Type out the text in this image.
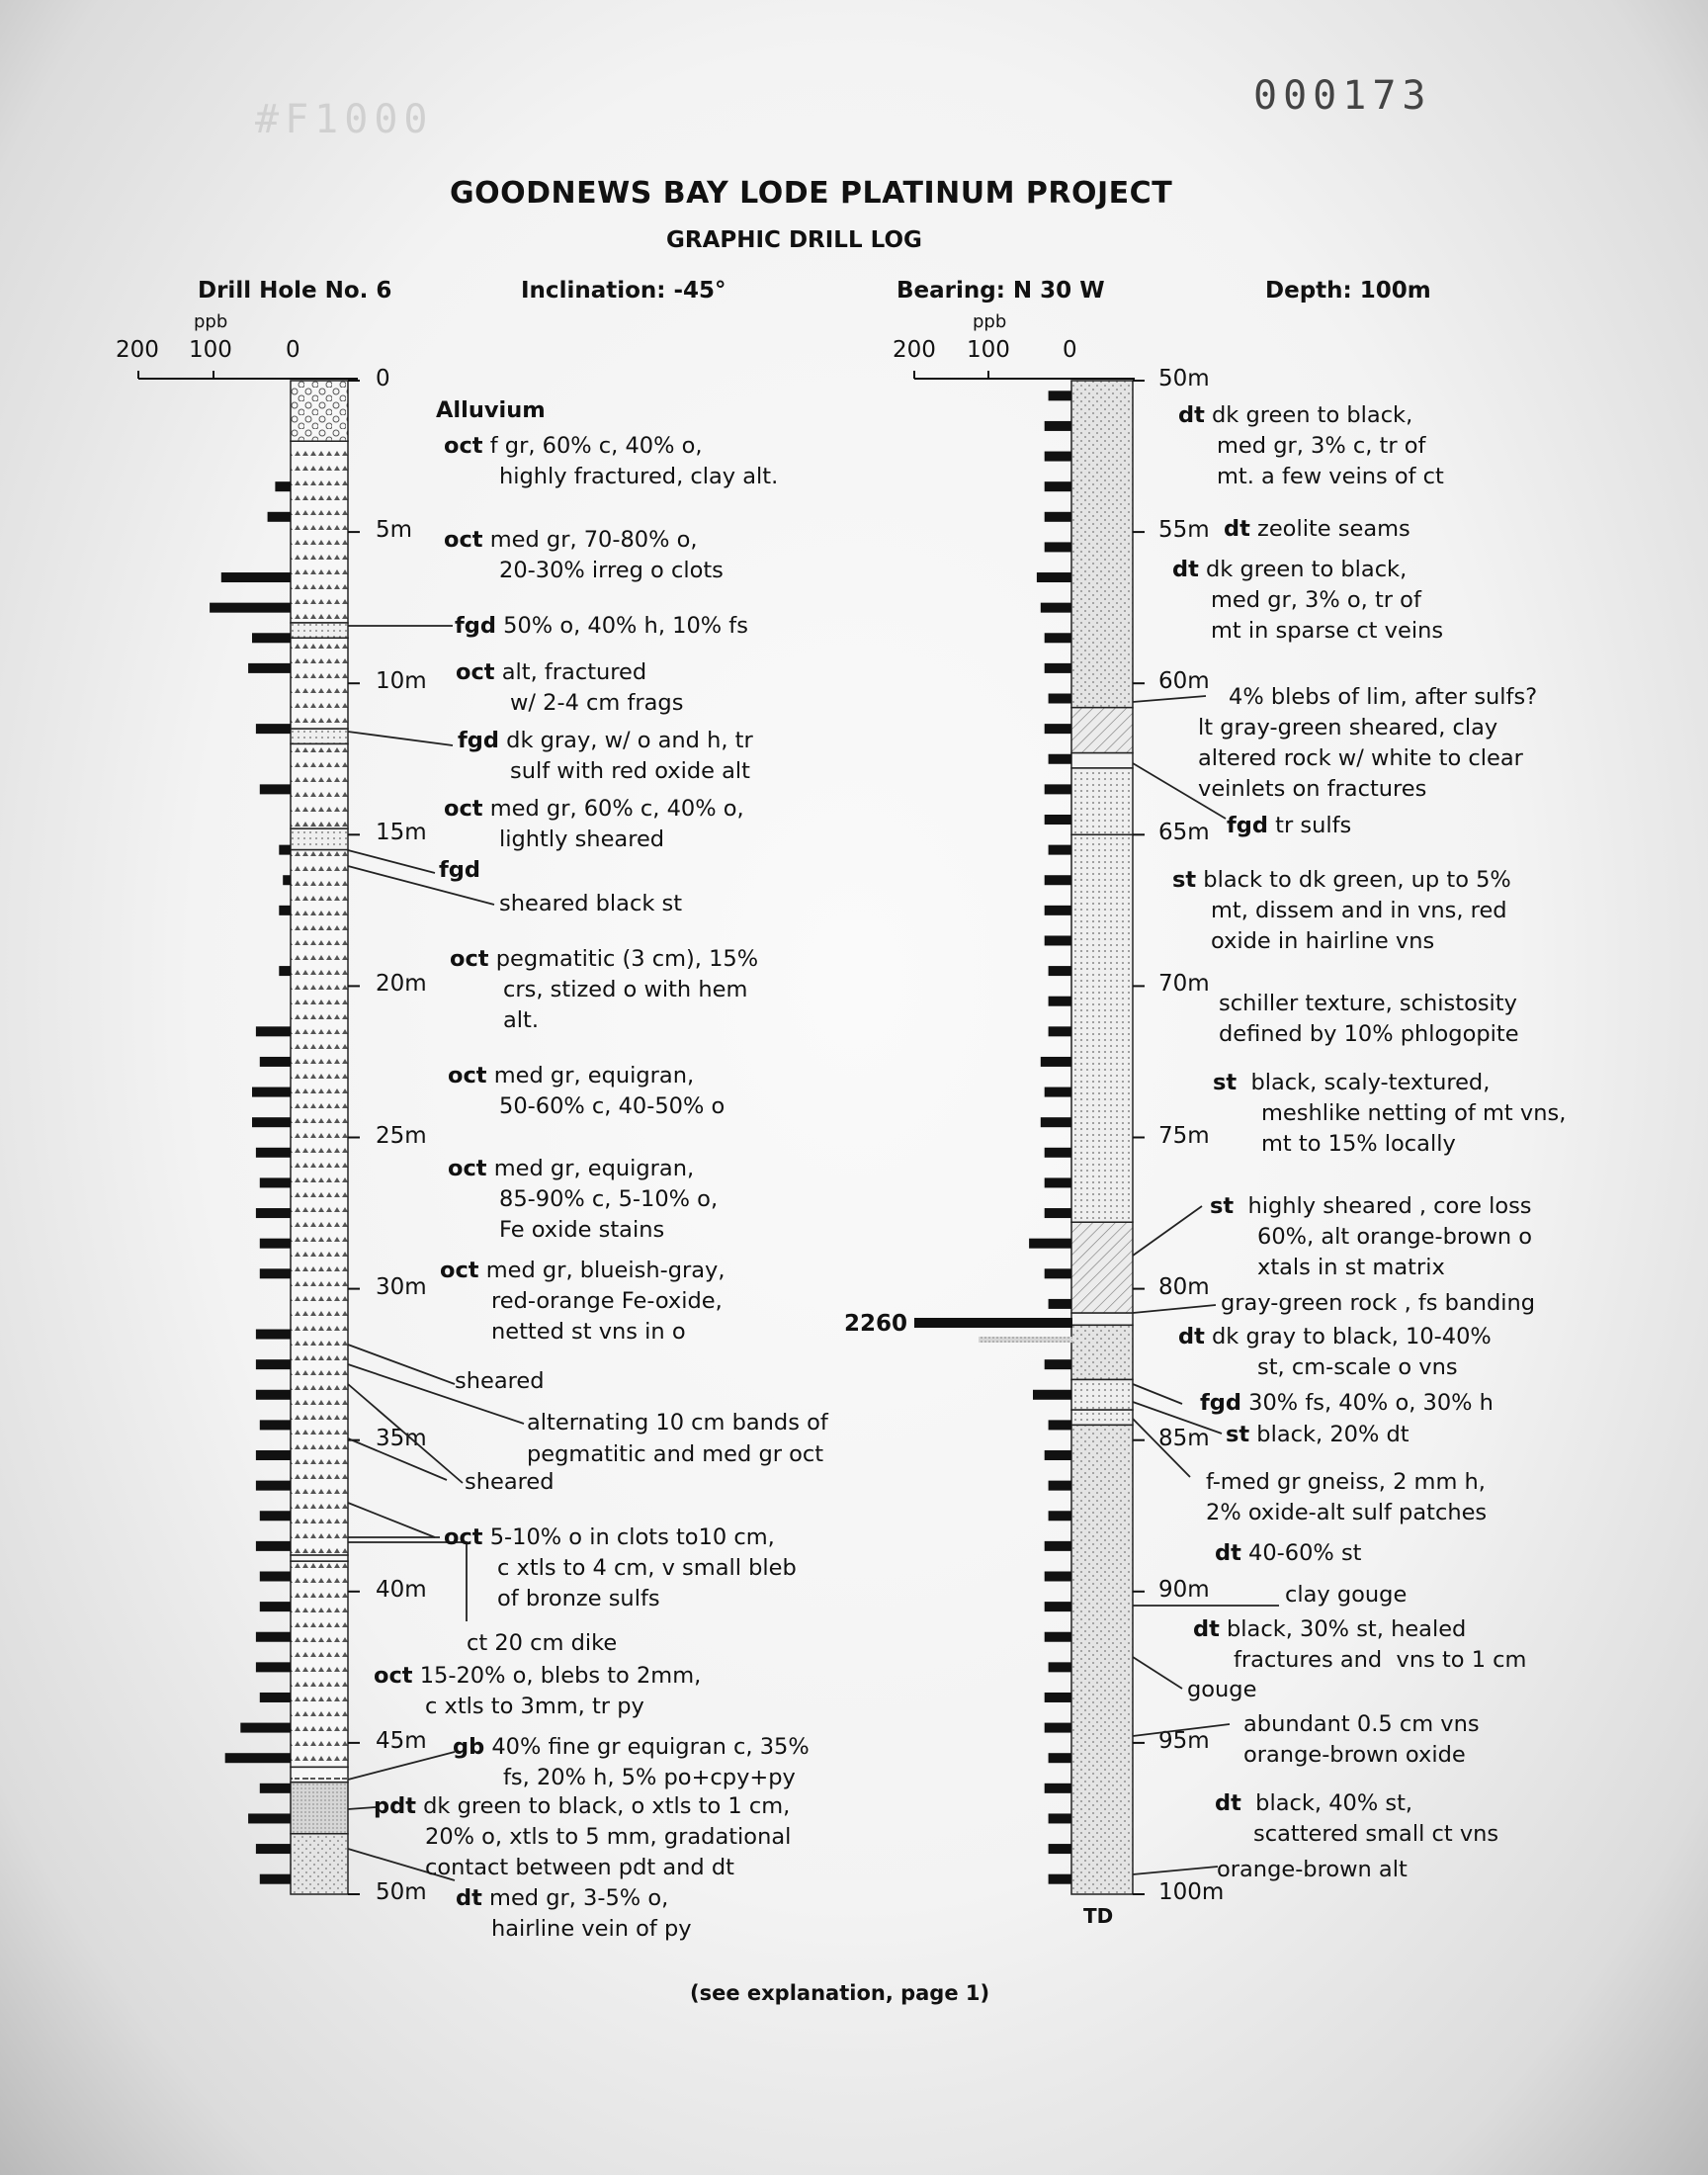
#F1000
000173
GOODNEWS BAY LODE PLATINUM PROJECT
GRAPHIC DRILL LOG
Drill Hole No. 6	Inclination: -45°	Bearing: N 30 W	Depth: 100m
ppb
200 100 0
ppb
200 100 0
0
5m
10m
15m
20m
25m
30m
35m
40m
45m
50m
50m
55m
60m
65m
70m
75m
80m
85m
90m
95m
100m
TD
2260
Alluvium
oct f gr, 60% c, 40% o,
highly fractured, clay alt.
oct med gr, 70-80% o,
20-30% irreg o clots
fgd 50% o, 40% h, 10% fs
oct alt, fractured
w/ 2-4 cm frags
fgd dk gray, w/ o and h, tr
sulf with red oxide alt
oct med gr, 60% c, 40% o,
lightly sheared
fgd
sheared black st
oct pegmatitic (3 cm), 15%
crs, stized o with hem
alt.
oct med gr, equigran,
50-60% c, 40-50% o
oct med gr, equigran,
85-90% c, 5-10% o,
Fe oxide stains
oct med gr, blueish-gray,
red-orange Fe-oxide,
netted st vns in o
sheared
alternating 10 cm bands of
pegmatitic and med gr oct
sheared
oct 5-10% o in clots to10 cm,
c xtls to 4 cm, v small bleb
of bronze sulfs
ct 20 cm dike
oct 15-20% o, blebs to 2mm,
c xtls to 3mm, tr py
gb 40% fine gr equigran c, 35%
fs, 20% h, 5% po+cpy+py
pdt dk green to black, o xtls to 1 cm,
20% o, xtls to 5 mm, gradational
contact between pdt and dt
dt med gr, 3-5% o,
hairline vein of py
dt dk green to black,
med gr, 3% c, tr of
mt. a few veins of ct
dt zeolite seams
dt dk green to black,
med gr, 3% o, tr of
mt in sparse ct veins
4% blebs of lim, after sulfs?
lt gray-green sheared, clay
altered rock w/ white to clear
veinlets on fractures
fgd tr sulfs
st black to dk green, up to 5%
mt, dissem and in vns, red
oxide in hairline vns
schiller texture, schistosity
defined by 10% phlogopite
st  black, scaly-textured,
meshlike netting of mt vns,
mt to 15% locally
st  highly sheared , core loss
60%, alt orange-brown o
xtals in st matrix
gray-green rock , fs banding
dt dk gray to black, 10-40%
st, cm-scale o vns
fgd 30% fs, 40% o, 30% h
st black, 20% dt
f-med gr gneiss, 2 mm h,
2% oxide-alt sulf patches
dt 40-60% st
clay gouge
dt black, 30% st, healed
fractures and  vns to 1 cm
gouge
abundant 0.5 cm vns
orange-brown oxide
dt  black, 40% st,
scattered small ct vns
orange-brown alt
(see explanation, page 1)
